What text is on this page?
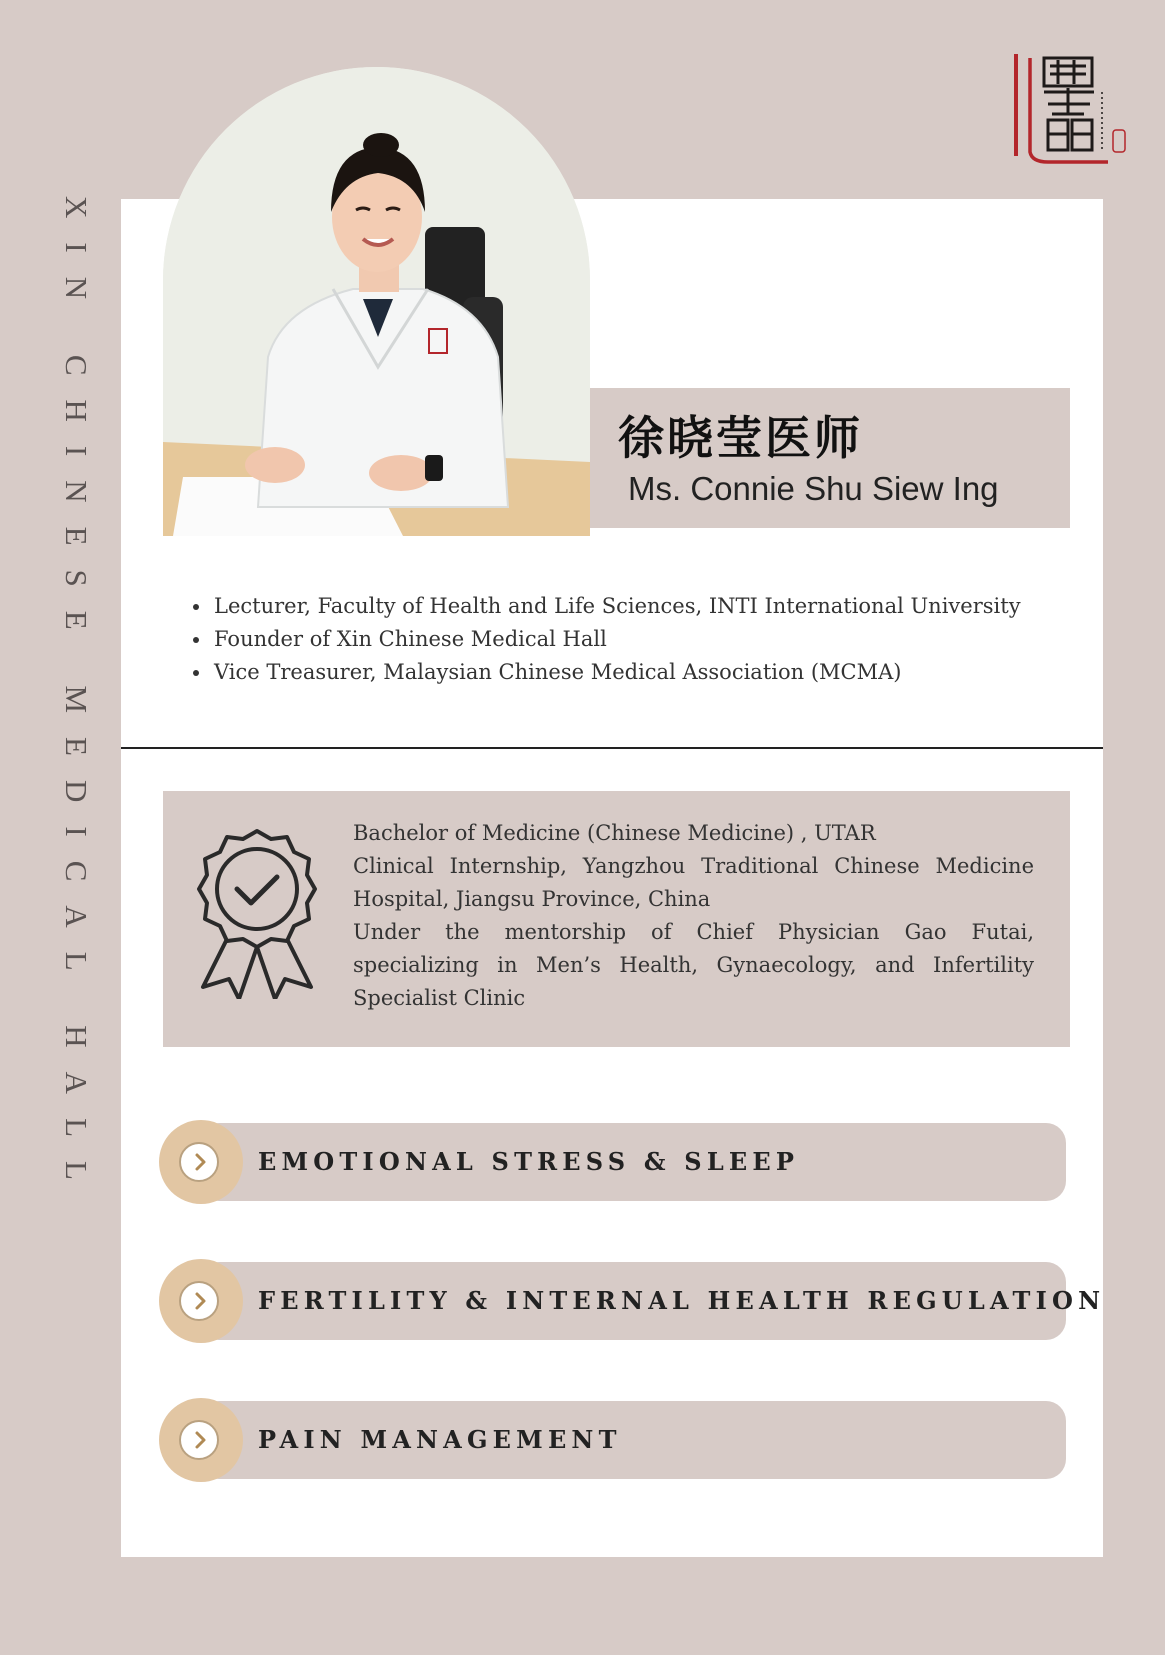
XIN CHINESE MEDICAL HALL	徐晓莹医师
Ms. Connie Shu Siew Ing
• Lecturer, Faculty of Health and Life Sciences, INTI International University
• Founder of Xin Chinese Medical Hall
• Vice Treasurer, Malaysian Chinese Medical Association (MCMA)

Bachelor of Medicine (Chinese Medicine) , UTAR

Clinical Internship, Yangzhou Traditional Chinese Medicine Hospital, Jiangsu Province, China

Under the mentorship of Chief Physician Gao Futai, specializing in Men’s Health, Gynaecology, and Infertility Specialist Clinic

EMOTIONAL STRESS & SLEEP
FERTILITY & INTERNAL HEALTH REGULATION
PAIN MANAGEMENT
